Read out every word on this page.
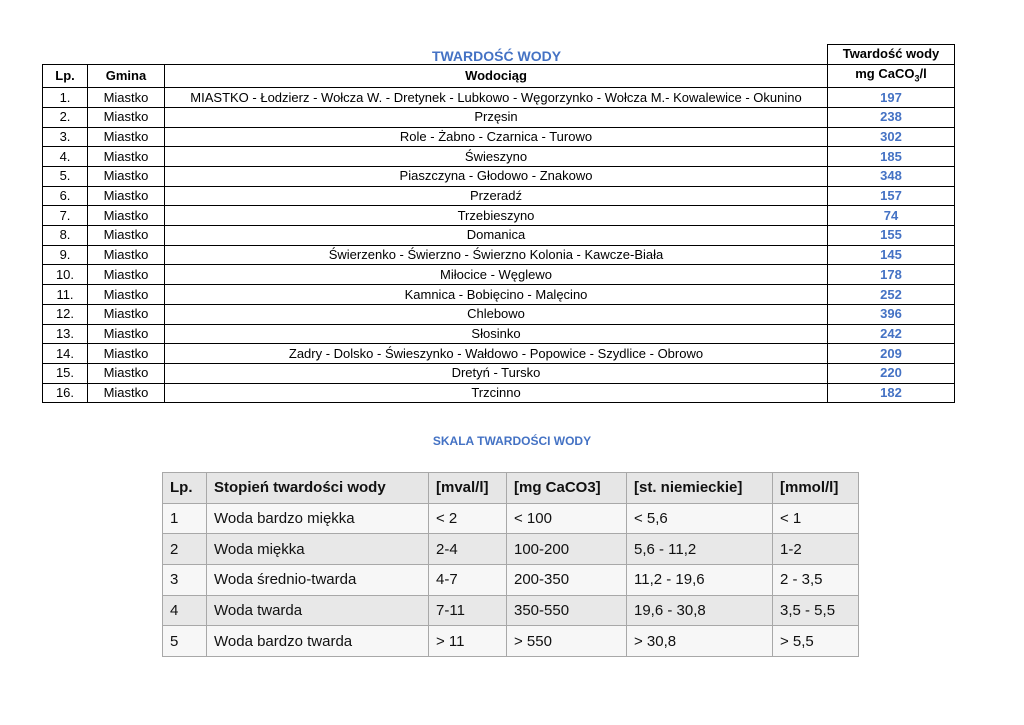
TWARDOŚĆ WODY
				Twardość wody
Lp.	Gmina	Wodociąg	mg CaCO$_3$/l
1.	Miastko	MIASTKO - Łodzierz - Wołcza W. - Dretynek - Lubkowo - Węgorzynko - Wołcza M.- Kowalewice - Okunino	197
2.	Miastko	Przęsin	238
3.	Miastko	Role - Żabno - Czarnica - Turowo	302
4.	Miastko	Świeszyno	185
5.	Miastko	Piaszczyna - Głodowo - Znakowo	348
6.	Miastko	Przeradź	157
7.	Miastko	Trzebieszyno	74
8.	Miastko	Domanica	155
9.	Miastko	Świerzenko - Świerzno - Świerzno Kolonia - Kawcze-Biała	145
10.	Miastko	Miłocice - Węglewo	178
11.	Miastko	Kamnica - Bobięcino - Malęcino	252
12.	Miastko	Chlebowo	396
13.	Miastko	Słosinko	242
14.	Miastko	Zadry - Dolsko - Świeszynko - Wałdowo - Popowice - Szydlice - Obrowo	209
15.	Miastko	Dretyń - Tursko	220
16.	Miastko	Trzcinno	182
SKALA TWARDOŚCI WODY
Lp.	Stopień twardości wody	[mval/l]	[mg CaCO3]	[st. niemieckie]	[mmol/l]
1	Woda bardzo miękka	< 2	< 100	< 5,6	< 1
2	Woda miękka	2-4	100-200	5,6 - 11,2	1-2
3	Woda średnio-twarda	4-7	200-350	11,2 - 19,6	2 - 3,5
4	Woda twarda	7-11	350-550	19,6 - 30,8	3,5 - 5,5
5	Woda bardzo twarda	> 11	> 550	> 30,8	> 5,5
